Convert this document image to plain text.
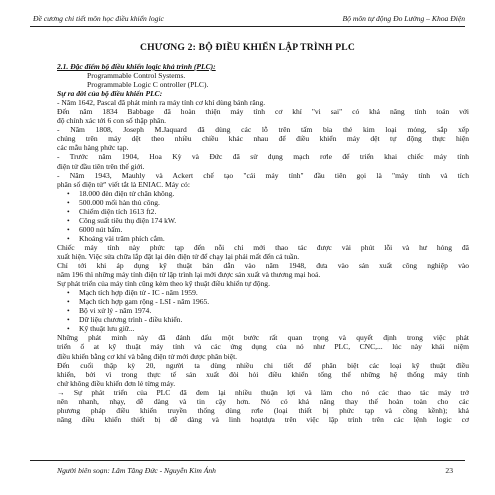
Đề cương chi tiết môn học điều khiển logic	Bộ môn tự động Đo Lường – Khoa Điện
CHƯƠNG 2: BỘ ĐIỀU KHIỂN LẬP TRÌNH PLC
2.1. Đặc điểm bộ điều khiển logic khả trình (PLC):
Programmable Control Systems.
Programmable Logic C ontroller (PLC).
Sự ra đời của bộ điều khiển PLC:
- Năm 1642, Pascal đã phát minh ra máy tính cơ khí dùng bánh răng.
Đến năm 1834 Babbage đã hoàn thiện máy tính cơ khí "vi sai" có khả năng tính toán với
độ chính xác tới 6 con số thập phân.
- Năm 1808, Joseph M.Jaquard đã dùng các lỗ trên tấm bìa thẻ kim loại mỏng, sắp xếp
chúng trên máy dệt theo nhiều chiều khác nhau để điều khiển máy dệt tự động thực hiện
các mẫu hàng phức tạp.
- Trước năm 1904, Hoa Kỳ và Đức đã sử dụng mạch rơle để triển khai chiếc máy tính
điện tử đầu tiên trên thế giới.
- Năm 1943, Mauhly và Ackert chế tạo "cái máy tính" đầu tiên gọi là "máy tính và tích
phân số điện tử" viết tắt là ENIAC. Máy có:
• 18.000 đèn điện tử chân không.
• 500.000 mối hàn thủ công.
• Chiếm diện tích 1613 ft2.
• Công suất tiêu thụ điện 174 kW.
• 6000 nút bấm.
• Khoảng vài trăm phích cắm.
Chiếc máy tính này phức tạp đến nỗi chỉ mới thao tác được vài phút lỗi và hư hỏng đã
xuất hiện. Việc sửa chữa lắp đặt lại đèn điện tử để chạy lại phải mất đến cả tuần.
Chỉ tới khi áp dụng kỹ thuật bán dẫn vào năm 1948, đưa vào sản xuất công nghiệp vào
năm 196 thì những máy tính điện tử lập trình lại mới được sản xuất và thương mại hoá.
Sự phát triển của máy tính cũng kèm theo kỹ thuật điều khiển tự động.
• Mạch tích hợp điện tử - IC - năm 1959.
• Mạch tích hợp gam rộng - LSI - năm 1965.
• Bộ vi xử lý - năm 1974.
• Dữ liệu chương trình - điều khiển.
• Kỹ thuật lưu giữ...
Những phát minh này đã đánh dấu một bước rất quan trọng và quyết định trong việc phát
triển ổ at kỹ thuật máy tính và các ứng dụng của nó như PLC, CNC,... lúc này khái niệm
điều khiển bằng cơ khí và bằng điện tử mới được phân biệt.
Đến cuối thập kỳ 20, người ta dùng nhiều chi tiết để phân biệt các loại kỹ thuật điều
khiển, bởi vì trong thực tế sản xuất đòi hỏi điều khiển tổng thể những hệ thống máy tính
chứ không điều khiển đơn lẻ từng máy.
→ Sự phát triển của PLC đã đem lại nhiều thuận lợi và làm cho nó các thao tác máy trở
nên nhanh, nhạy, dễ dàng và tin cậy hơn. Nó có khả năng thay thế hoàn toàn cho các
phương pháp điều khiển truyền thống dùng rơle (loại thiết bị phức tạp và cồng kềnh); khả
năng điều khiển thiết bị dễ dàng và linh hoạtdựa trên việc lập trình trên các lệnh logic cơ
Người biên soạn: Lâm Tăng Đức - Nguyễn Kim Ánh	23
